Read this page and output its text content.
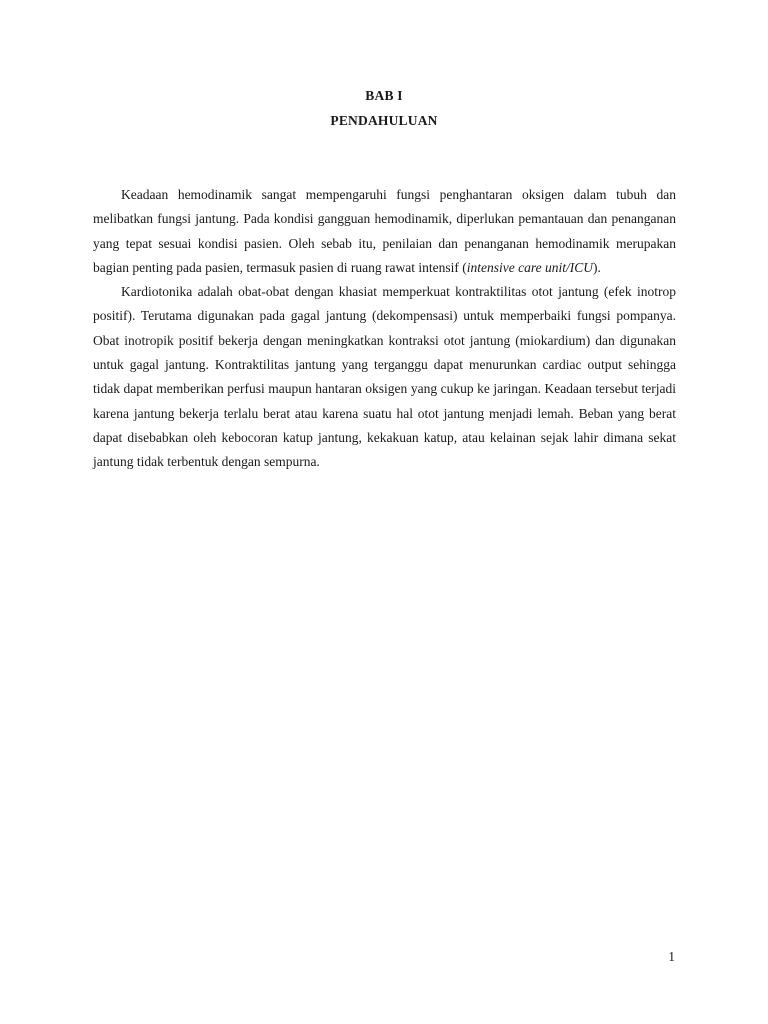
BAB I
PENDAHULUAN

Keadaan hemodinamik sangat mempengaruhi fungsi penghantaran oksigen dalam tubuh dan melibatkan fungsi jantung. Pada kondisi gangguan hemodinamik, diperlukan pemantauan dan penanganan yang tepat sesuai kondisi pasien. Oleh sebab itu, penilaian dan penanganan hemodinamik merupakan bagian penting pada pasien, termasuk pasien di ruang rawat intensif (intensive care unit/ICU).

Kardiotonika adalah obat-obat dengan khasiat memperkuat kontraktilitas otot jantung (efek inotrop positif). Terutama digunakan pada gagal jantung (dekompensasi) untuk memperbaiki fungsi pompanya. Obat inotropik positif bekerja dengan meningkatkan kontraksi otot jantung (miokardium) dan digunakan untuk gagal jantung. Kontraktilitas jantung yang terganggu dapat menurunkan cardiac output sehingga tidak dapat memberikan perfusi maupun hantaran oksigen yang cukup ke jaringan. Keadaan tersebut terjadi karena jantung bekerja terlalu berat atau karena suatu hal otot jantung menjadi lemah. Beban yang berat dapat disebabkan oleh kebocoran katup jantung, kekakuan katup, atau kelainan sejak lahir dimana sekat jantung tidak terbentuk dengan sempurna.

1
